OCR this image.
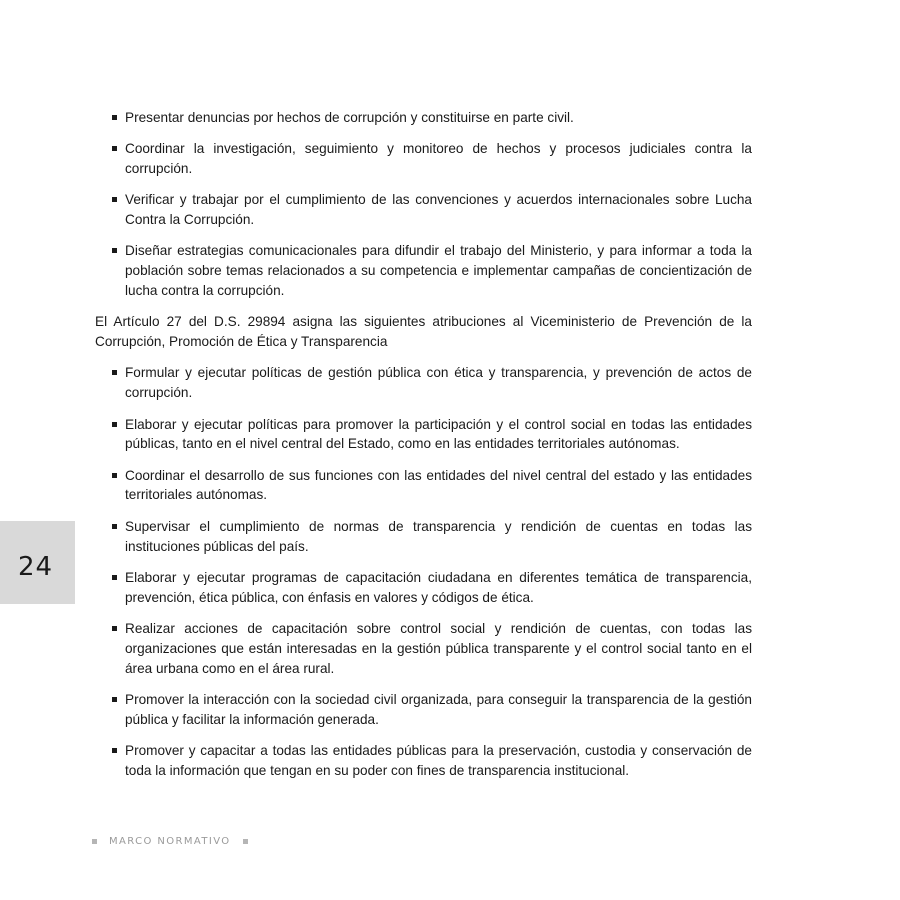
Presentar denuncias por hechos de corrupción y constituirse en parte civil.
Coordinar la investigación, seguimiento y monitoreo de hechos y procesos judiciales contra la corrupción.
Verificar y trabajar por el cumplimiento de las convenciones y acuerdos internacionales sobre Lucha Contra la Corrupción.
Diseñar estrategias comunicacionales para difundir el trabajo del Ministerio, y para informar a toda la población sobre temas relacionados a su competencia e implementar campañas de concientización de lucha contra la corrupción.

El Artículo 27 del D.S. 29894 asigna las siguientes atribuciones al Viceministerio de Prevención de la Corrupción, Promoción de Ética y Transparencia

Formular y ejecutar políticas de gestión pública con ética y transparencia, y prevención de actos de corrupción.
Elaborar y ejecutar políticas para promover la participación y el control social en todas las entidades públicas, tanto en el nivel central del Estado, como en las entidades territoriales autónomas.
Coordinar el desarrollo de sus funciones con las entidades del nivel central del estado y las entidades territoriales autónomas.
Supervisar el cumplimiento de normas de transparencia y rendición de cuentas en todas las instituciones públicas del país.
Elaborar y ejecutar programas de capacitación ciudadana en diferentes temática de transparencia, prevención, ética pública, con énfasis en valores y códigos de ética.
Realizar acciones de capacitación sobre control social y rendición de cuentas, con todas las organizaciones que están interesadas en la gestión pública transparente y el control social tanto en el área urbana como en el área rural.
Promover la interacción con la sociedad civil organizada, para conseguir la transparencia de la gestión pública y facilitar la información generada.
Promover y capacitar a todas las entidades públicas para la preservación, custodia y conservación de toda la información que tengan en su poder con fines de transparencia institucional.
24
MARCO NORMATIVO
